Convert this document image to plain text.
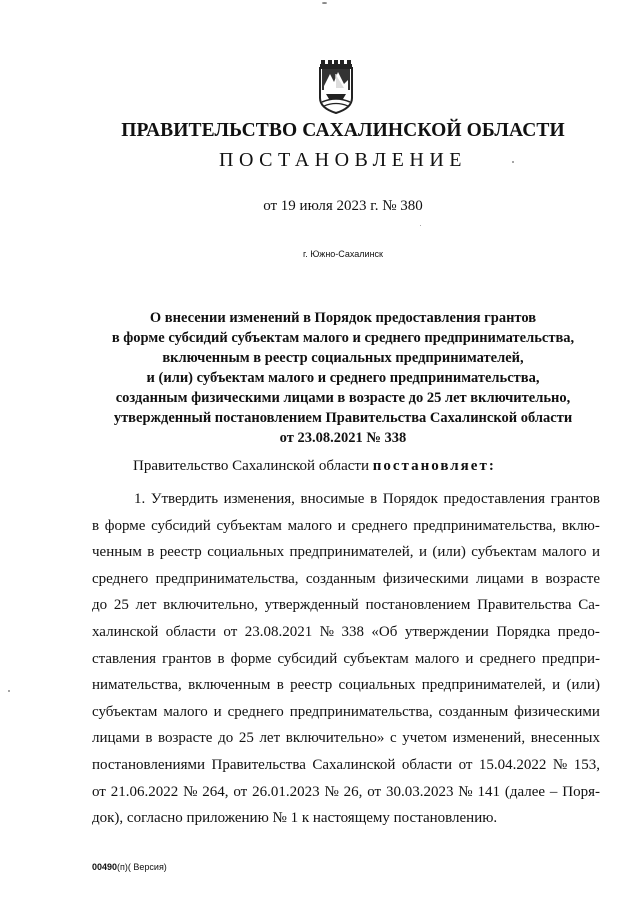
ПРАВИТЕЛЬСТВО САХАЛИНСКОЙ ОБЛАСТИ
ПОСТАНОВЛЕНИЕ
от 19 июля 2023 г. № 380
г. Южно-Сахалинск
О внесении изменений в Порядок предоставления грантов
в форме субсидий субъектам малого и среднего предпринимательства,
включенным в реестр социальных предпринимателей,
и (или) субъектам малого и среднего предпринимательства,
созданным физическими лицами в возрасте до 25 лет включительно,
утвержденный постановлением Правительства Сахалинской области
от 23.08.2021 № 338
Правительство Сахалинской области постановляет:
1. Утвердить изменения, вносимые в Порядок предоставления грантов
в форме субсидий субъектам малого и среднего предпринимательства, вклю-
ченным в реестр социальных предпринимателей, и (или) субъектам малого и
среднего предпринимательства, созданным физическими лицами в возрасте
до 25 лет включительно, утвержденный постановлением Правительства Са-
халинской области от 23.08.2021 № 338 «Об утверждении Порядка предо-
ставления грантов в форме субсидий субъектам малого и среднего предпри-
нимательства, включенным в реестр социальных предпринимателей, и (или)
субъектам малого и среднего предпринимательства, созданным физическими
лицами в возрасте до 25 лет включительно» с учетом изменений, внесенных
постановлениями Правительства Сахалинской области от 15.04.2022 № 153,
от 21.06.2022 № 264, от 26.01.2023 № 26, от 30.03.2023 № 141 (далее – Поря-
док), согласно приложению № 1 к настоящему постановлению.
00490(п)( Версия)
